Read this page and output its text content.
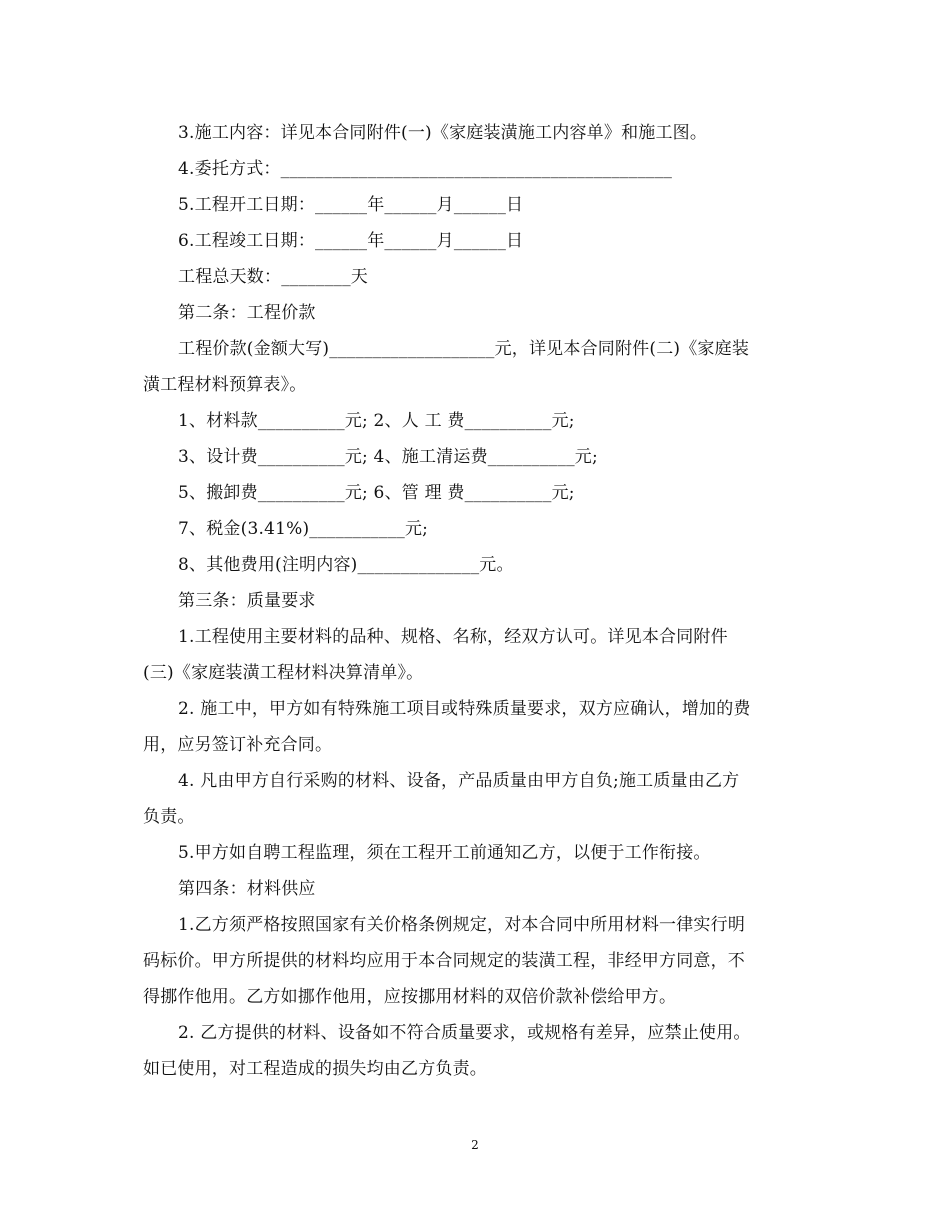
3.施工内容：详见本合同附件(一)《家庭装潢施工内容单》和施工图。
4.委托方式：_____________________________________________
5.工程开工日期：______年______月______日
6.工程竣工日期：______年______月______日
工程总天数：________天
第二条：工程价款
工程价款(金额大写)___________________元，详见本合同附件(二)《家庭装
潢工程材料预算表》。
1、材料款__________元; 2、人 工 费__________元;
3、设计费__________元; 4、施工清运费__________元;
5、搬卸费__________元; 6、管 理 费__________元;
7、税金(3.41%)___________元;
8、其他费用(注明内容)______________元。
第三条：质量要求
1.工程使用主要材料的品种、规格、名称，经双方认可。详见本合同附件
(三)《家庭装潢工程材料决算清单》。
2. 施工中，甲方如有特殊施工项目或特殊质量要求，双方应确认，增加的费
用，应另签订补充合同。
4. 凡由甲方自行采购的材料、设备，产品质量由甲方自负;施工质量由乙方
负责。
5.甲方如自聘工程监理，须在工程开工前通知乙方，以便于工作衔接。
第四条：材料供应
1.乙方须严格按照国家有关价格条例规定，对本合同中所用材料一律实行明
码标价。甲方所提供的材料均应用于本合同规定的装潢工程，非经甲方同意，不
得挪作他用。乙方如挪作他用，应按挪用材料的双倍价款补偿给甲方。
2. 乙方提供的材料、设备如不符合质量要求，或规格有差异，应禁止使用。
如已使用，对工程造成的损失均由乙方负责。
2
